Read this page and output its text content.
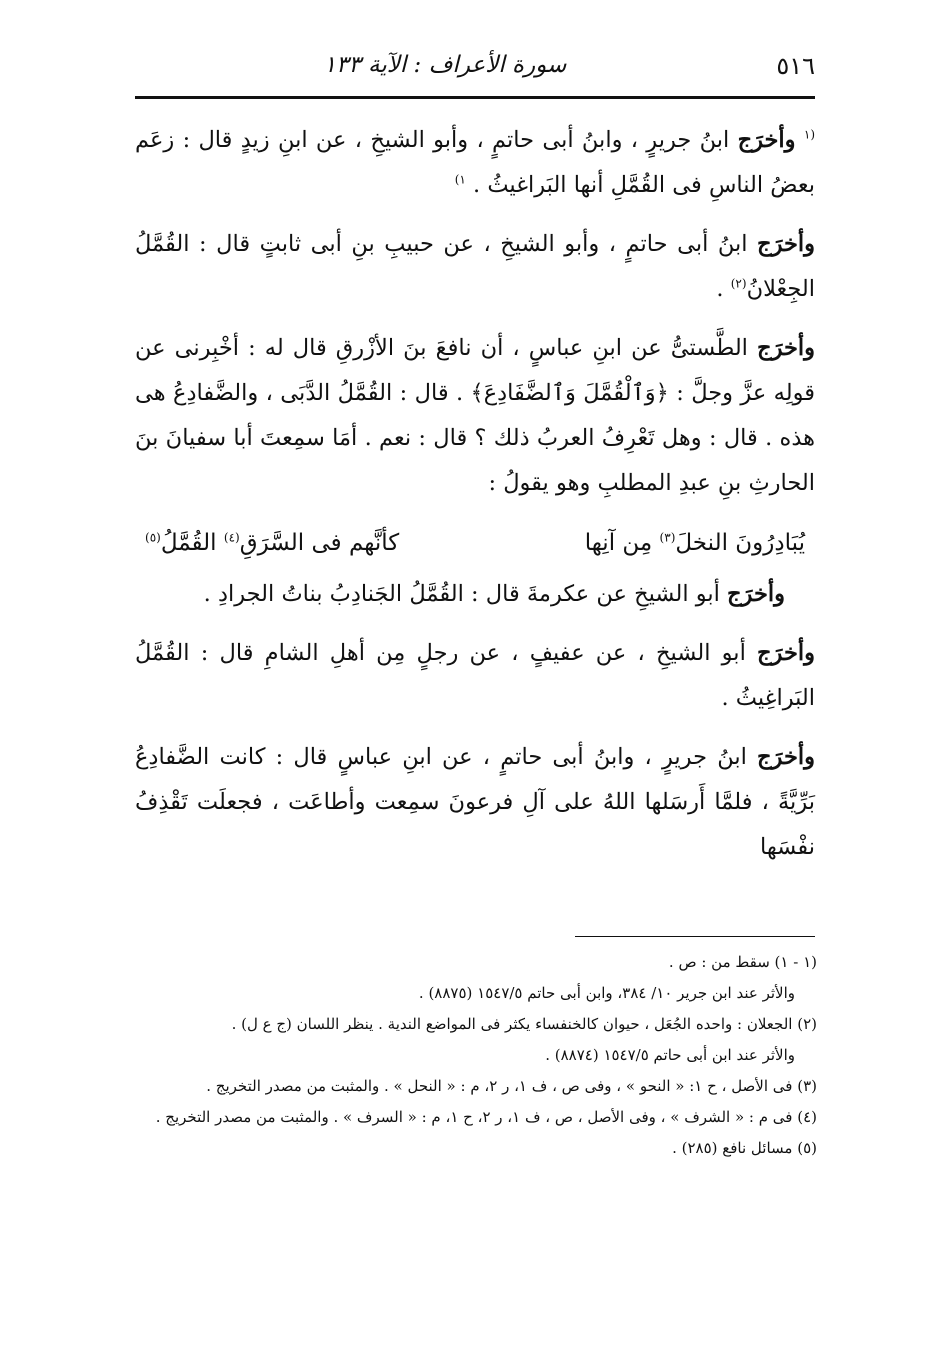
٥١٦
سورة الأعراف : الآية ١٣٣

$^{(١}$ وأخرَج ابنُ جريرٍ ، وابنُ أبى حاتمٍ ، وأبو الشيخِ ، عن ابنِ زيدٍ قال : زعَم بعضُ الناسِ فى القُمَّلِ أنها البَراغيثُ . $^{١)}$

وأخرَج ابنُ أبى حاتمٍ ، وأبو الشيخِ ، عن حبيبِ بنِ أبى ثابتٍ قال : القُمَّلُ الجِعْلانُ$^{(٢)}$ .

وأخرَج الطَّستىُّ عن ابنِ عباسٍ ، أن نافعَ بنَ الأزْرقِ قال له : أخْبِرنى عن قولِه عزَّ وجلَّ : ﴿وَٱلْقُمَّلَ وَٱلضَّفَادِعَ﴾ . قال : القُمَّلُ الدَّبَى ، والضَّفادِعُ هى هذه . قال : وهل تَعْرِفُ العربُ ذلك ؟ قال : نعم . أمَا سمِعتَ أبا سفيانَ بنَ الحارثِ بنِ عبدِ المطلبِ وهو يقولُ :

يُبَادِرُونَ النخلَ$^{(٣)}$ مِن آنِها
كأنَّهم فى السَّرَقِ$^{(٤)}$ القُمَّلُ$^{(٥)}$

وأخرَج أبو الشيخِ عن عكرمةَ قال : القُمَّلُ الجَنادِبُ بناتُ الجرادِ .

وأخرَج أبو الشيخِ ، عن عفيفٍ ، عن رجلٍ مِن أهلِ الشامِ قال : القُمَّلُ البَراغِيثُ .

وأخرَج ابنُ جريرٍ ، وابنُ أبى حاتمٍ ، عن ابنِ عباسٍ قال : كانت الضَّفادِعُ بَرِّيَّةً ، فلمَّا أَرسَلها اللهُ على آلِ فرعونَ سمِعت وأطاعَت ، فجعلَت تَقْذِفُ نفْسَها

(١ - ١) سقط من : ص .

والأثر عند ابن جرير ١٠/ ٣٨٤، وابن أبى حاتم ١٥٤٧/٥ (٨٨٧٥) .

(٢) الجعلان : واحده الجُعَل ، حيوان كالخنفساء يكثر فى المواضع الندية . ينظر اللسان (ج ع ل) .

والأثر عند ابن أبى حاتم ١٥٤٧/٥ (٨٨٧٤) .

(٣) فى الأصل ، ح ١: « النحو » ، وفى ص ، ف ١، ر ٢، م : « النحل » . والمثبت من مصدر التخريج .

(٤) فى م : « الشرف » ، وفى الأصل ، ص ، ف ١، ر ٢، ح ١، م : « السرف » . والمثبت من مصدر التخريج .

(٥) مسائل نافع (٢٨٥) .
